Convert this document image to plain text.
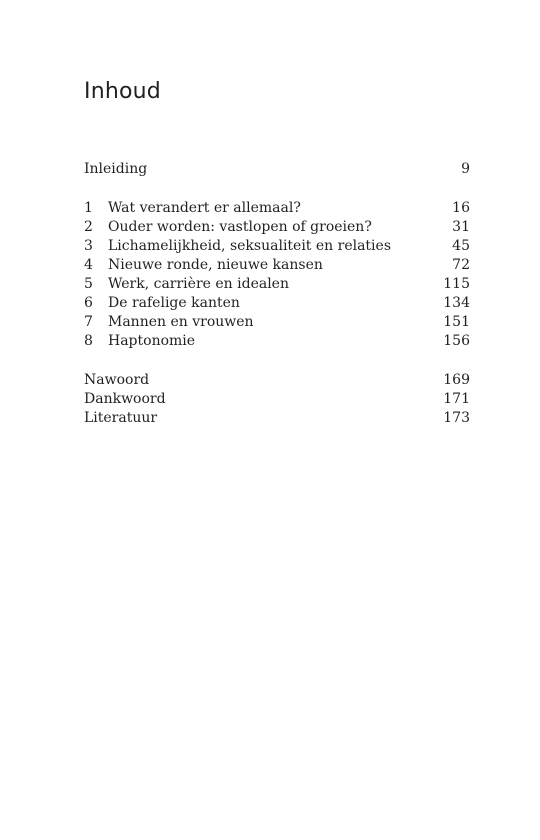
Inhoud
Inleiding	9
1	Wat verandert er allemaal?	16
2	Ouder worden: vastlopen of groeien?	31
3	Lichamelijkheid, seksualiteit en relaties	45
4	Nieuwe ronde, nieuwe kansen	72
5	Werk, carrière en idealen	115
6	De rafelige kanten	134
7	Mannen en vrouwen	151
8	Haptonomie	156
Nawoord	169
Dankwoord	171
Literatuur	173
